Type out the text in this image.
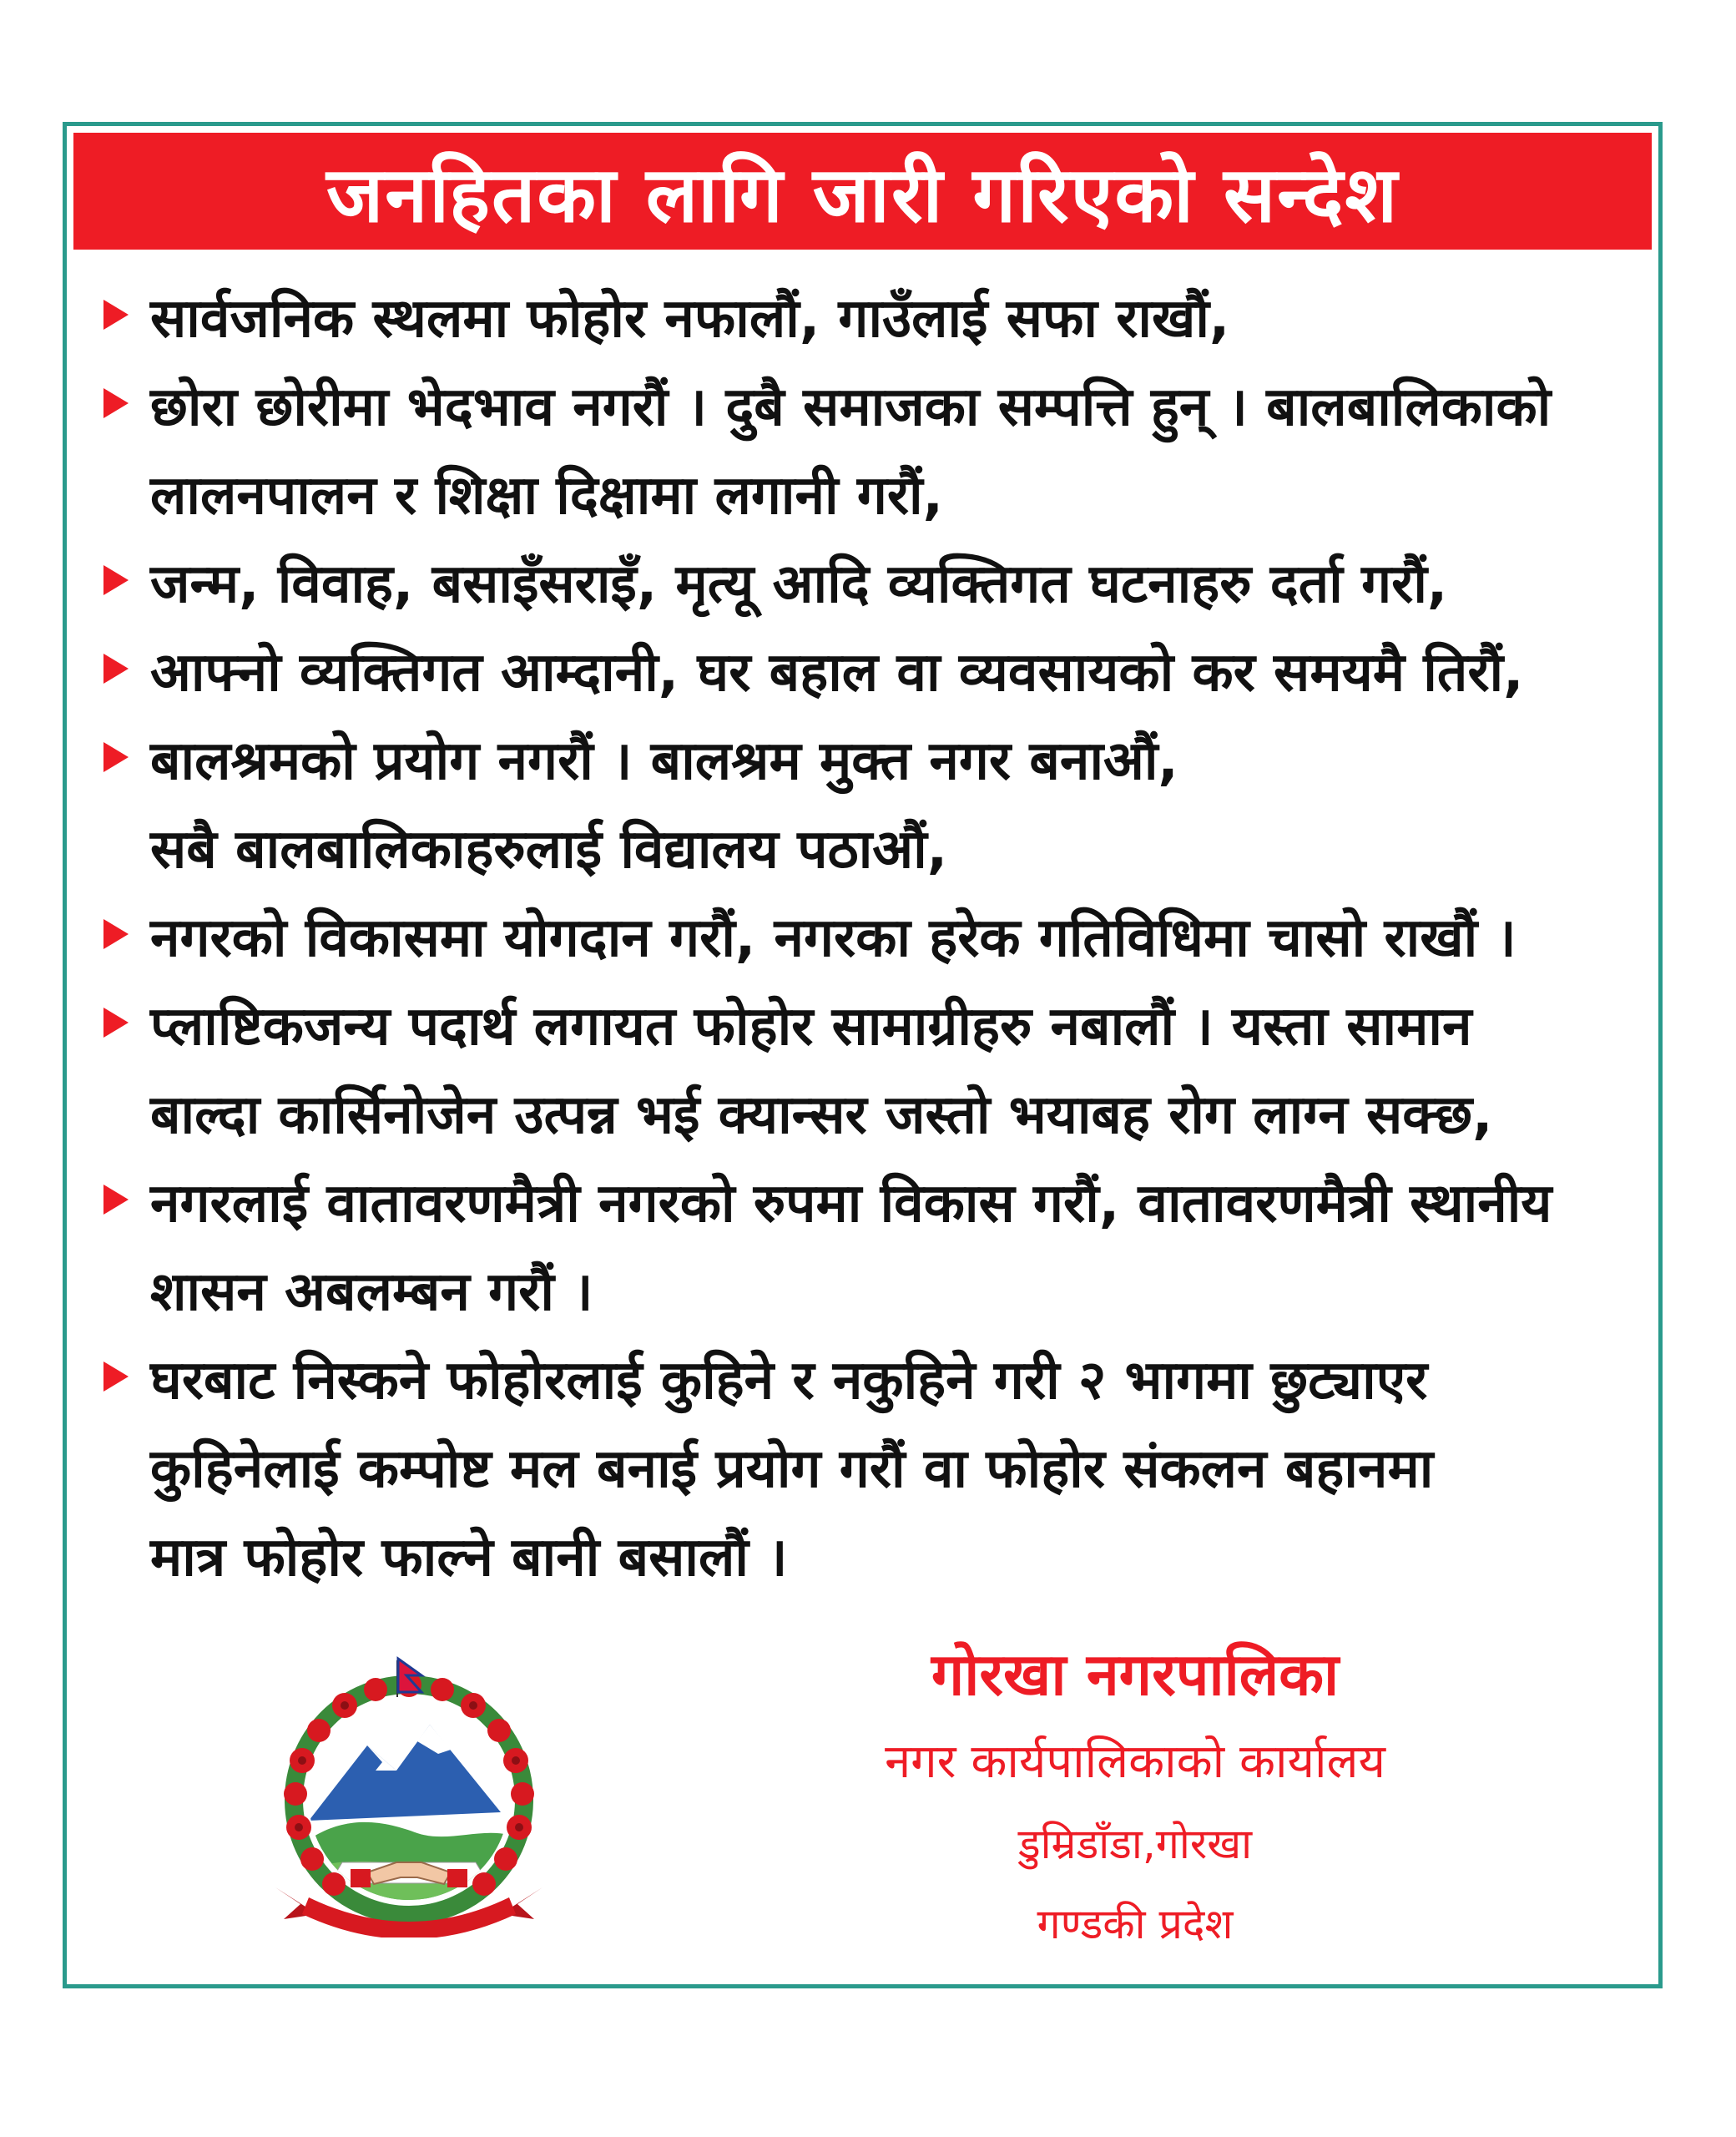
जनहितका लागि जारी गरिएको सन्देश
सार्वजनिक स्थलमा फोहोर नफालौं, गाउँलाई सफा राखौं,
छोरा छोरीमा भेदभाव नगरौं । दुबै समाजका सम्पत्ति हुन् । बालबालिकाको
लालनपालन र शिक्षा दिक्षामा लगानी गरौं,
जन्म, विवाह, बसाइँसराइँ, मृत्यू आदि व्यक्तिगत घटनाहरु दर्ता गरौं,
आफ्नो व्यक्तिगत आम्दानी, घर बहाल वा व्यवसायको कर समयमै तिरौं,
बालश्रमको प्रयोग नगरौं । बालश्रम मुक्त नगर बनाऔं,
सबै बालबालिकाहरुलाई विद्यालय पठाऔं,
नगरको विकासमा योगदान गरौं, नगरका हरेक गतिविधिमा चासो राखौं ।
प्लाष्टिकजन्य पदार्थ लगायत फोहोर सामाग्रीहरु नबालौं । यस्ता सामान
बाल्दा कार्सिनोजेन उत्पन्न भई क्यान्सर जस्तो भयाबह रोग लाग्न सक्छ,
नगरलाई वातावरणमैत्री नगरको रुपमा विकास गरौं, वातावरणमैत्री स्थानीय
शासन अबलम्बन गरौं ।
घरबाट निस्कने फोहोरलाई कुहिने र नकुहिने गरी २ भागमा छुट्याएर
कुहिनेलाई कम्पोष्ट मल बनाई प्रयोग गरौं वा फोहोर संकलन बहानमा
मात्र फोहोर फाल्ने बानी बसालौं ।
गोरखा नगरपालिका
नगर कार्यपालिकाको कार्यालय
डुम्रिडाँडा,गोरखा
गण्डकी प्रदेश
